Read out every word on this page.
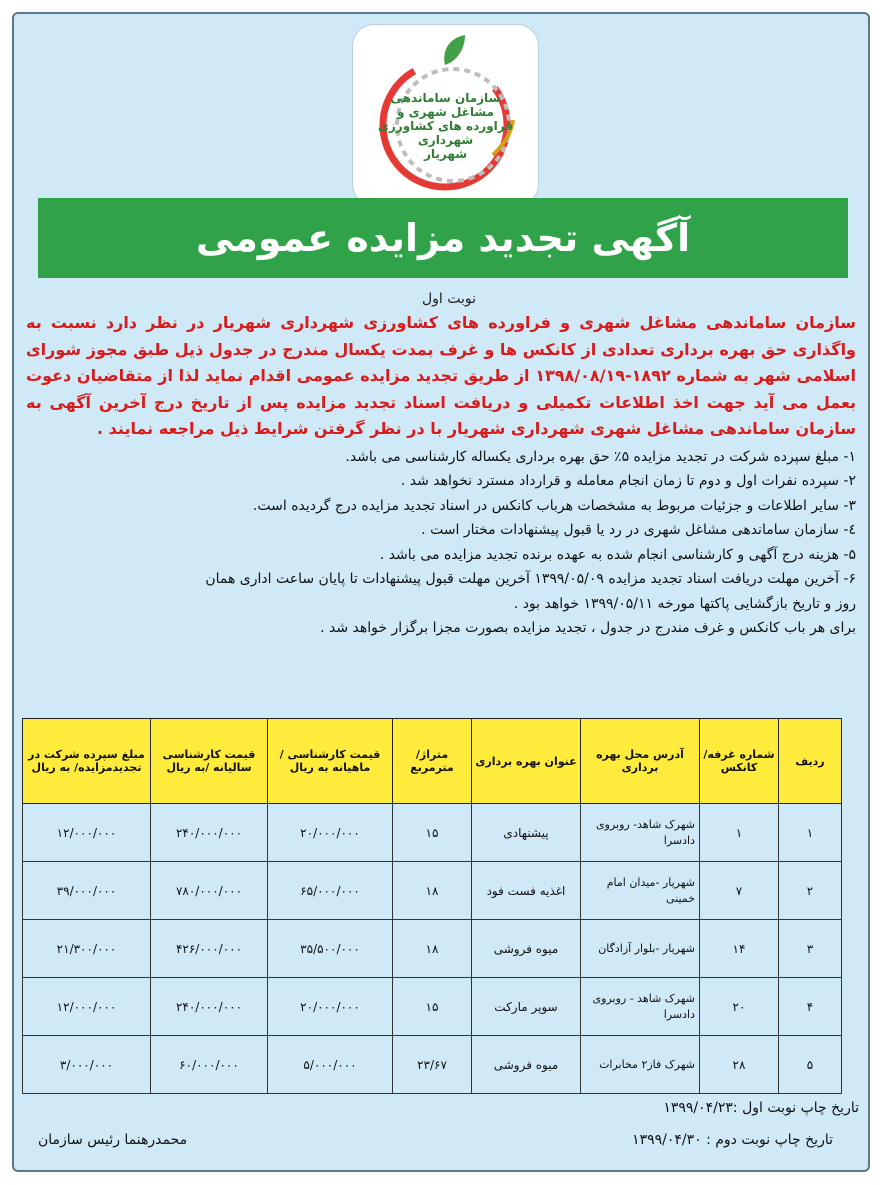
سازمان ساماندهی
مشاغل شهری و
فراورده های کشاورزی
شهرداری
شهریار
آگهی تجدید مزایده عمومی
نوبت اول
سازمان ساماندهی مشاغل شهری و فراورده های کشاورزی شهرداری شهریار در نظر دارد نسبت به واگذاری حق بهره برداری تعدادی از کانکس ها و غرف بمدت یکسال مندرج در جدول ذیل طبق مجوز شورای اسلامی شهر به شماره ۱۸۹۲-۱۳۹۸/۰۸/۱۹ از طریق تجدید مزایده عمومی اقدام نماید لذا از متقاضیان دعوت بعمل می آید جهت اخذ اطلاعات تکمیلی و دریافت اسناد تجدید مزایده پس از تاریخ درج آخرین آگهی به سازمان ساماندهی مشاغل شهری شهرداری شهریار با در نظر گرفتن شرایط ذیل مراجعه نمایند .
۱- مبلغ سپرده شرکت در تجدید مزایده ۵٪ حق بهره برداری یکساله کارشناسی می باشد.
۲- سپرده نفرات اول و دوم تا زمان انجام معامله و قرارداد مسترد نخواهد شد .
۳- سایر اطلاعات و جزئیات مربوط به مشخصات هرباب کانکس در اسناد تجدید مزایده درج گردیده است.
٤- سازمان ساماندهی مشاغل شهری در رد یا قبول پیشنهادات مختار است .
۵- هزینه درج آگهی و کارشناسی انجام شده به عهده برنده تجدید مزایده می باشد .
۶- آخرین مهلت دریافت اسناد تجدید مزایده ۱۳۹۹/۰۵/۰۹ آخرین مهلت قبول پیشنهادات تا پایان ساعت اداری همان
روز و تاریخ بازگشایی پاکتها مورخه ۱۳۹۹/۰۵/۱۱ خواهد بود .
برای هر باب کانکس و غرف مندرج در جدول ، تجدید مزایده بصورت مجزا برگزار خواهد شد .
ردیف	شماره غرفه/ کانکس	آدرس محل بهره برداری	عنوان بهره برداری	متراژ/مترمربع	قیمت کارشناسی / ماهیانه به ریال	قیمت کارشناسی سالیانه /به ریال	مبلغ سپرده شرکت در تجدیدمزایده/ به ریال
۱	۱	شهرک شاهد- روبروی دادسرا	پیشنهادی	۱۵	۲۰/۰۰۰/۰۰۰	۲۴۰/۰۰۰/۰۰۰	۱۲/۰۰۰/۰۰۰
۲	۷	شهریار -میدان امام خمینی	اغذیه فست فود	۱۸	۶۵/۰۰۰/۰۰۰	۷۸۰/۰۰۰/۰۰۰	۳۹/۰۰۰/۰۰۰
۳	۱۴	شهریار -بلوار آزادگان	میوه فروشی	۱۸	۳۵/۵۰۰/۰۰۰	۴۲۶/۰۰۰/۰۰۰	۲۱/۳۰۰/۰۰۰
۴	۲۰	شهرک شاهد - روبروی دادسرا	سوپر مارکت	۱۵	۲۰/۰۰۰/۰۰۰	۲۴۰/۰۰۰/۰۰۰	۱۲/۰۰۰/۰۰۰
۵	۲۸	شهرک فاز۲ مخابرات	میوه فروشی	۲۳/۶۷	۵/۰۰۰/۰۰۰	۶۰/۰۰۰/۰۰۰	۳/۰۰۰/۰۰۰
تاریخ چاپ نوبت اول :۱۳۹۹/۰۴/۲۳
تاریخ چاپ نوبت دوم : ۱۳۹۹/۰۴/۳۰
محمدرهنما رئیس سازمان
